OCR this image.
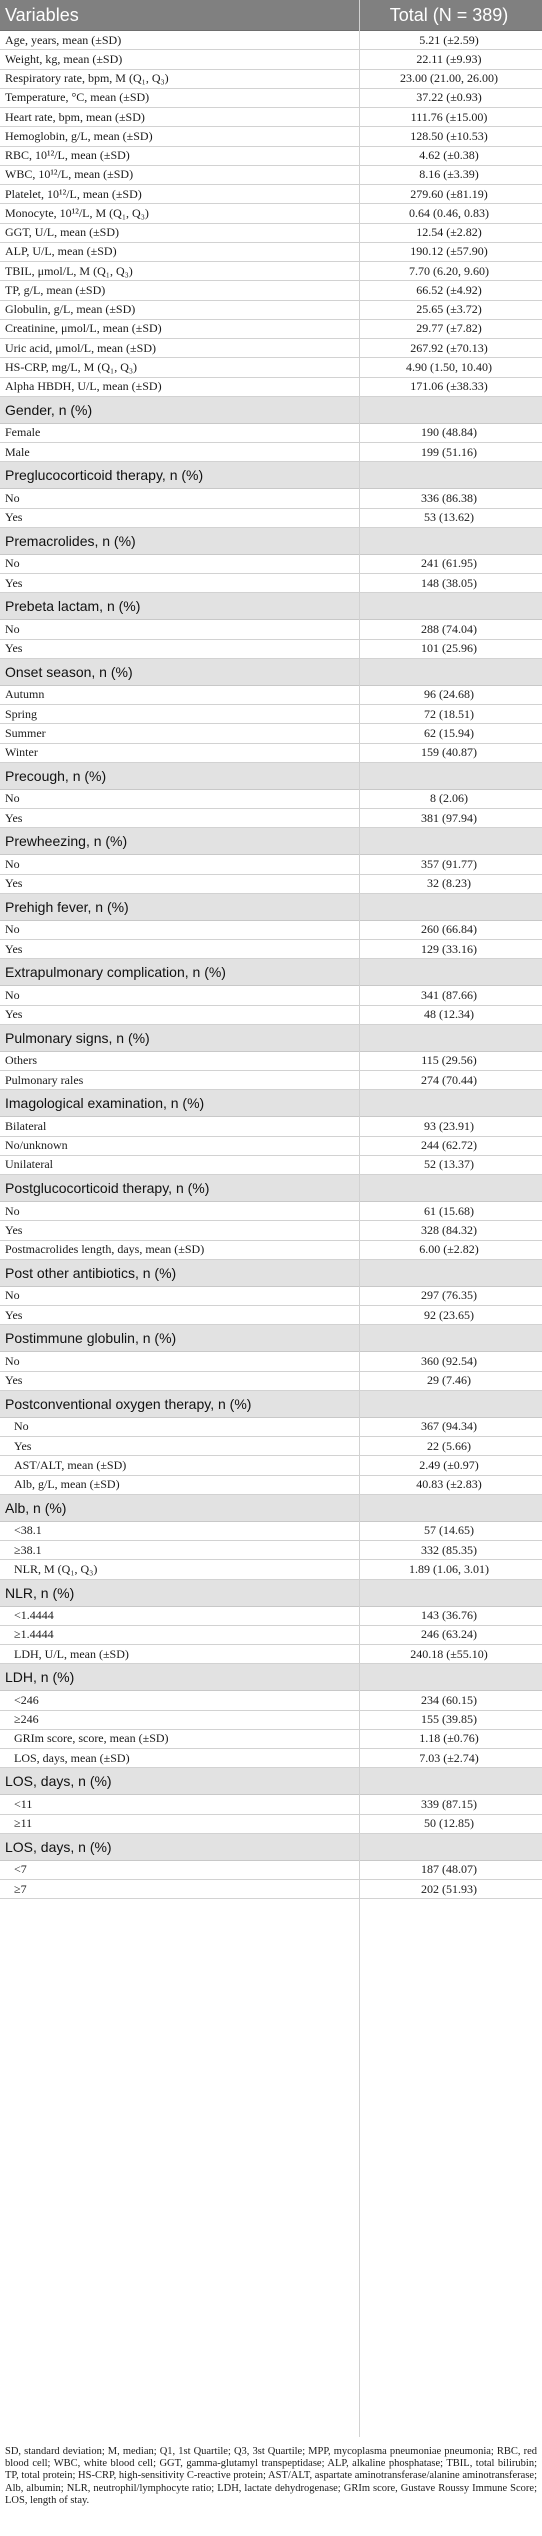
Variables	Total (N = 389)
Age, years, mean (±SD)	5.21 (±2.59)
Weight, kg, mean (±SD)	22.11 (±9.93)
Respiratory rate, bpm, M (Q₁, Q₃)	23.00 (21.00, 26.00)
Temperature, °C, mean (±SD)	37.22 (±0.93)
Heart rate, bpm, mean (±SD)	111.76 (±15.00)
Hemoglobin, g/L, mean (±SD)	128.50 (±10.53)
RBC, 10¹²/L, mean (±SD)	4.62 (±0.38)
WBC, 10¹²/L, mean (±SD)	8.16 (±3.39)
Platelet, 10¹²/L, mean (±SD)	279.60 (±81.19)
Monocyte, 10¹²/L, M (Q₁, Q₃)	0.64 (0.46, 0.83)
GGT, U/L, mean (±SD)	12.54 (±2.82)
ALP, U/L, mean (±SD)	190.12 (±57.90)
TBIL, μmol/L, M (Q₁, Q₃)	7.70 (6.20, 9.60)
TP, g/L, mean (±SD)	66.52 (±4.92)
Globulin, g/L, mean (±SD)	25.65 (±3.72)
Creatinine, μmol/L, mean (±SD)	29.77 (±7.82)
Uric acid, μmol/L, mean (±SD)	267.92 (±70.13)
HS-CRP, mg/L, M (Q₁, Q₃)	4.90 (1.50, 10.40)
Alpha HBDH, U/L, mean (±SD)	171.06 (±38.33)
Gender, n (%)
Female	190 (48.84)
Male	199 (51.16)
Preglucocorticoid therapy, n (%)
No	336 (86.38)
Yes	53 (13.62)
Premacrolides, n (%)
No	241 (61.95)
Yes	148 (38.05)
Prebeta lactam, n (%)
No	288 (74.04)
Yes	101 (25.96)
Onset season, n (%)
Autumn	96 (24.68)
Spring	72 (18.51)
Summer	62 (15.94)
Winter	159 (40.87)
Precough, n (%)
No	8 (2.06)
Yes	381 (97.94)
Prewheezing, n (%)
No	357 (91.77)
Yes	32 (8.23)
Prehigh fever, n (%)
No	260 (66.84)
Yes	129 (33.16)
Extrapulmonary complication, n (%)
No	341 (87.66)
Yes	48 (12.34)
Pulmonary signs, n (%)
Others	115 (29.56)
Pulmonary rales	274 (70.44)
Imagological examination, n (%)
Bilateral	93 (23.91)
No/unknown	244 (62.72)
Unilateral	52 (13.37)
Postglucocorticoid therapy, n (%)
No	61 (15.68)
Yes	328 (84.32)
Postmacrolides length, days, mean (±SD)	6.00 (±2.82)
Post other antibiotics, n (%)
No	297 (76.35)
Yes	92 (23.65)
Postimmune globulin, n (%)
No	360 (92.54)
Yes	29 (7.46)
Postconventional oxygen therapy, n (%)
No	367 (94.34)
Yes	22 (5.66)
AST/ALT, mean (±SD)	2.49 (±0.97)
Alb, g/L, mean (±SD)	40.83 (±2.83)
Alb, n (%)
<38.1	57 (14.65)
≥38.1	332 (85.35)
NLR, M (Q₁, Q₃)	1.89 (1.06, 3.01)
NLR, n (%)
<1.4444	143 (36.76)
≥1.4444	246 (63.24)
LDH, U/L, mean (±SD)	240.18 (±55.10)
LDH, n (%)
<246	234 (60.15)
≥246	155 (39.85)
GRIm score, score, mean (±SD)	1.18 (±0.76)
LOS, days, mean (±SD)	7.03 (±2.74)
LOS, days, n (%)
<11	339 (87.15)
≥11	50 (12.85)
LOS, days, n (%)
<7	187 (48.07)
≥7	202 (51.93)
SD, standard deviation; M, median; Q1, 1st Quartile; Q3, 3st Quartile; MPP, mycoplasma pneumoniae pneumonia; RBC, red blood cell; WBC, white blood cell; GGT, gamma-glutamyl transpeptidase; ALP, alkaline phosphatase; TBIL, total bilirubin; TP, total protein; HS-CRP, high-sensitivity C-reactive protein; AST/ALT, aspartate aminotransferase/alanine aminotransferase; Alb, albumin; NLR, neutrophil/lymphocyte ratio; LDH, lactate dehydrogenase; GRIm score, Gustave Roussy Immune Score; LOS, length of stay.
